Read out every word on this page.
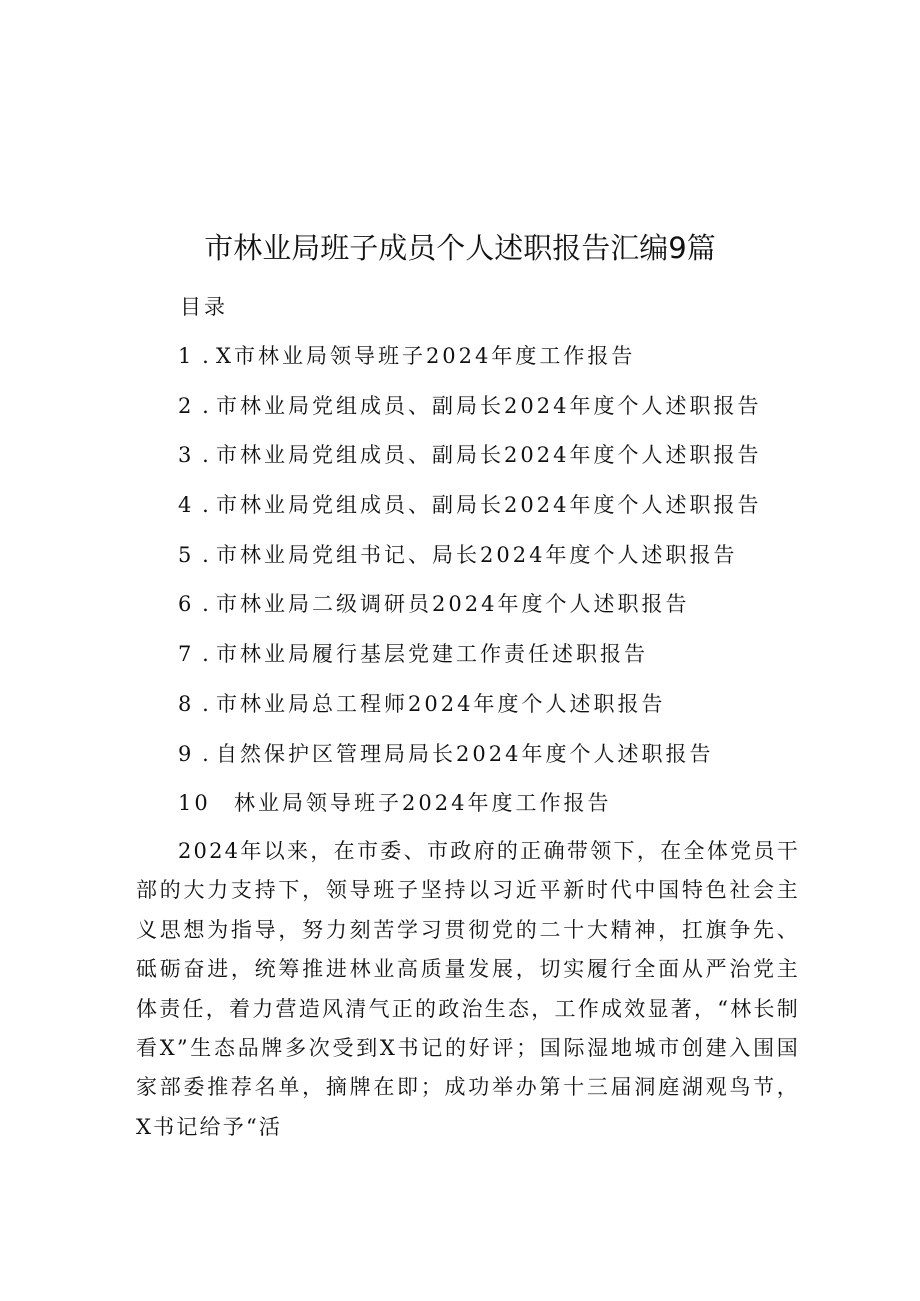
市林业局班子成员个人述职报告汇编9篇
目录
1 . X市林业局领导班子2024年度工作报告
2 . 市林业局党组成员、副局长2024年度个人述职报告
3 . 市林业局党组成员、副局长2024年度个人述职报告
4 . 市林业局党组成员、副局长2024年度个人述职报告
5 . 市林业局党组书记、局长2024年度个人述职报告
6 . 市林业局二级调研员2024年度个人述职报告
7 . 市林业局履行基层党建工作责任述职报告
8 . 市林业局总工程师2024年度个人述职报告
9 . 自然保护区管理局局长2024年度个人述职报告
10	林业局领导班子2024年度工作报告

2024年以来，在市委、市政府的正确带领下，在全体党员干部的大力支持下，领导班子坚持以习近平新时代中国特色社会主义思想为指导，努力刻苦学习贯彻党的二十大精神，扛旗争先、砥砺奋进，统筹推进林业高质量发展，切实履行全面从严治党主体责任，着力营造风清气正的政治生态，工作成效显著，“林长制看X”生态品牌多次受到X书记的好评；国际湿地城市创建入围国家部委推荐名单，摘牌在即；成功举办第十三届洞庭湖观鸟节，X书记给予“活
